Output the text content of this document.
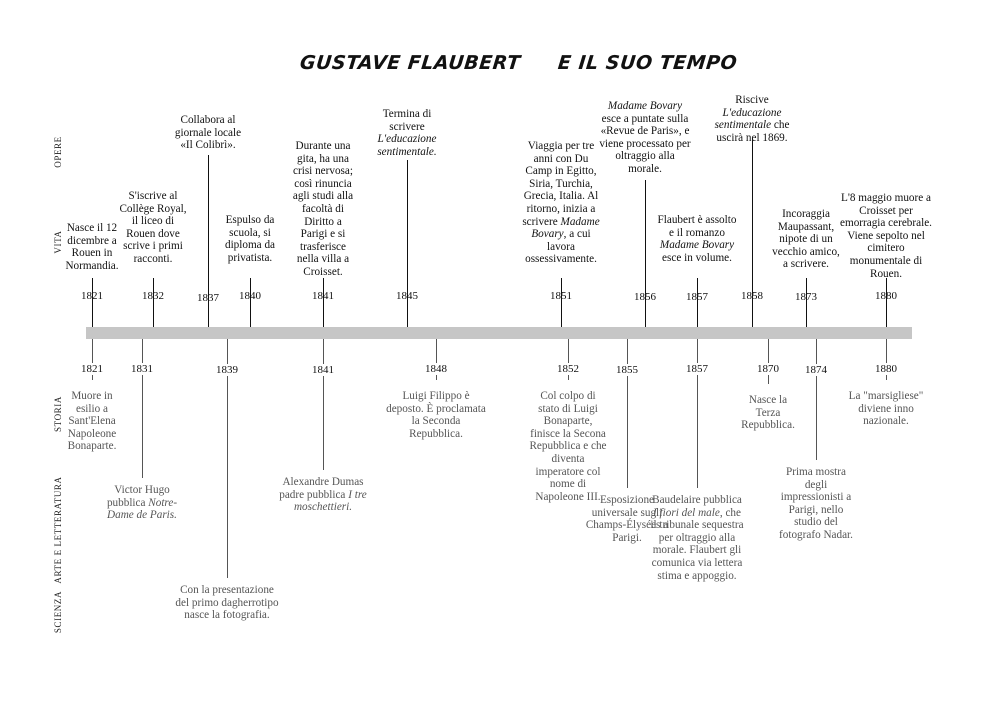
GUSTAVE FLAUBERT E IL SUO TEMPO
OPERE
VITA
STORIA
ARTE E LETTERATURA
SCIENZA
1821
Nasce il 12 dicembre a Rouen in Normandia.
1832
S'iscrive al Collège Royal, il liceo di Rouen dove scrive i primi racconti.
1837
Collabora al giornale locale «Il Colibrì».
1840
Espulso da scuola, si diploma da privatista.
1841
Durante una gita, ha una crisi nervosa; così rinuncia agli studi alla facoltà di Diritto a Parigi e si trasferisce nella villa a Croisset.
1845
Termina di scrivere L'educazione sentimentale.
1851
Viaggia per tre anni con Du Camp in Egitto, Siria, Turchia, Grecia, Italia. Al ritorno, inizia a scrivere Madame Bovary, a cui lavora ossessivamente.
1856
Madame Bovary esce a puntate sulla «Revue de Paris», e viene processato per oltraggio alla morale.
1857
Flaubert è assolto e il romanzo Madame Bovary esce in volume.
1858
Riscive L'educazione sentimentale che uscirà nel 1869.
1873
Incoraggia Maupassant, nipote di un vecchio amico, a scrivere.
1880
L'8 maggio muore a Croisset per emorragia cerebrale. Viene sepolto nel cimitero monumentale di Rouen.
1821
Muore in esilio a Sant'Elena Napoleone Bonaparte.
1831
Victor Hugo pubblica Notre-Dame de Paris.
1839
Con la presentazione del primo dagherrotipo nasce la fotografia.
1841
Alexandre Dumas padre pubblica I tre moschettieri.
1848
Luigi Filippo è deposto. È proclamata la Seconda Repubblica.
1852
Col colpo di stato di Luigi Bonaparte, finisce la Secona Repubblica e che diventa imperatore col nome di Napoleone III.
1855
Esposizione universale sugli Champs-Élysées a Parigi.
1857
Baudelaire pubblica I fiori del male, che il tribunale sequestra per oltraggio alla morale. Flaubert gli comunica via lettera stima e appoggio.
1870
Nasce la Terza Repubblica.
1874
Prima mostra degli impressionisti a Parigi, nello studio del fotografo Nadar.
1880
La "marsigliese" diviene inno nazionale.
